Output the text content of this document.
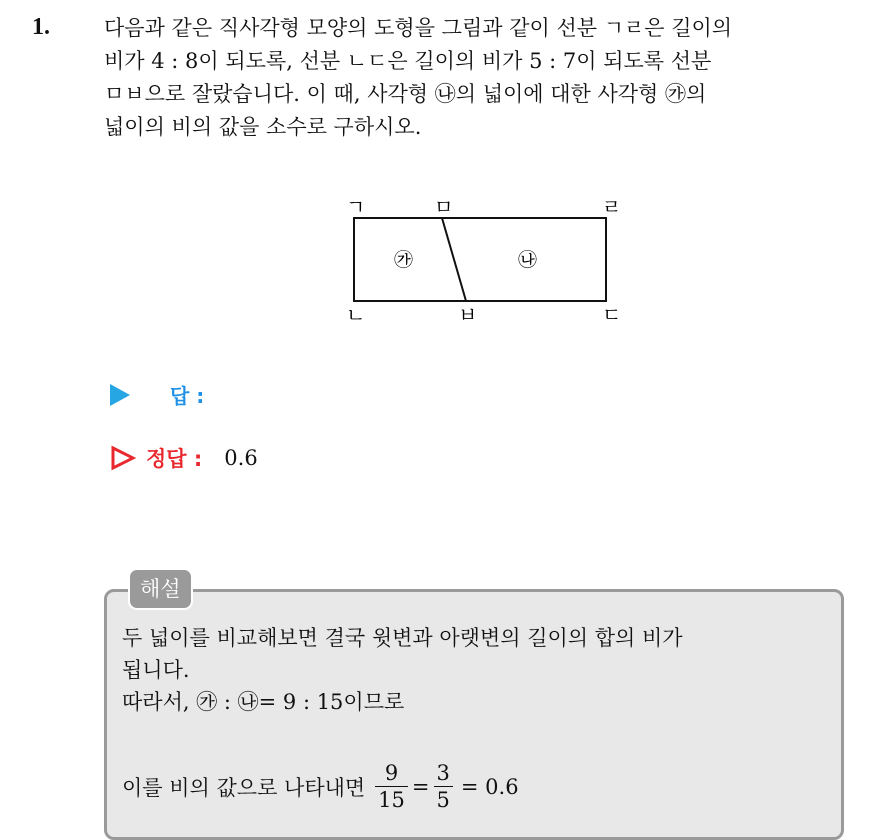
1.	다음과 같은 직사각형 모양의 도형을 그림과 같이 선분 ㄱㄹ은 길이의
비가 4 : 8이 되도록, 선분 ㄴㄷ은 길이의 비가 5 : 7이 되도록 선분
ㅁㅂ으로 잘랐습니다. 이 때, 사각형 ㉯의 넓이에 대한 사각형 ㉮의
넓이의 비의 값을 소수로 구하시오.
ㄱ	ㅁ	ㄹ
ㄴ	ㅂ	ㄷ
㉮	㉯
답 :
정답 : 0.6
해설
두 넓이를 비교해보면 결국 윗변과 아랫변의 길이의 합의 비가
됩니다.
따라서, ㉮ : ㉯= 9 : 15이므로
이를 비의 값으로 나타내면 $\frac{9}{15} = \frac{3}{5} = 0.6$
